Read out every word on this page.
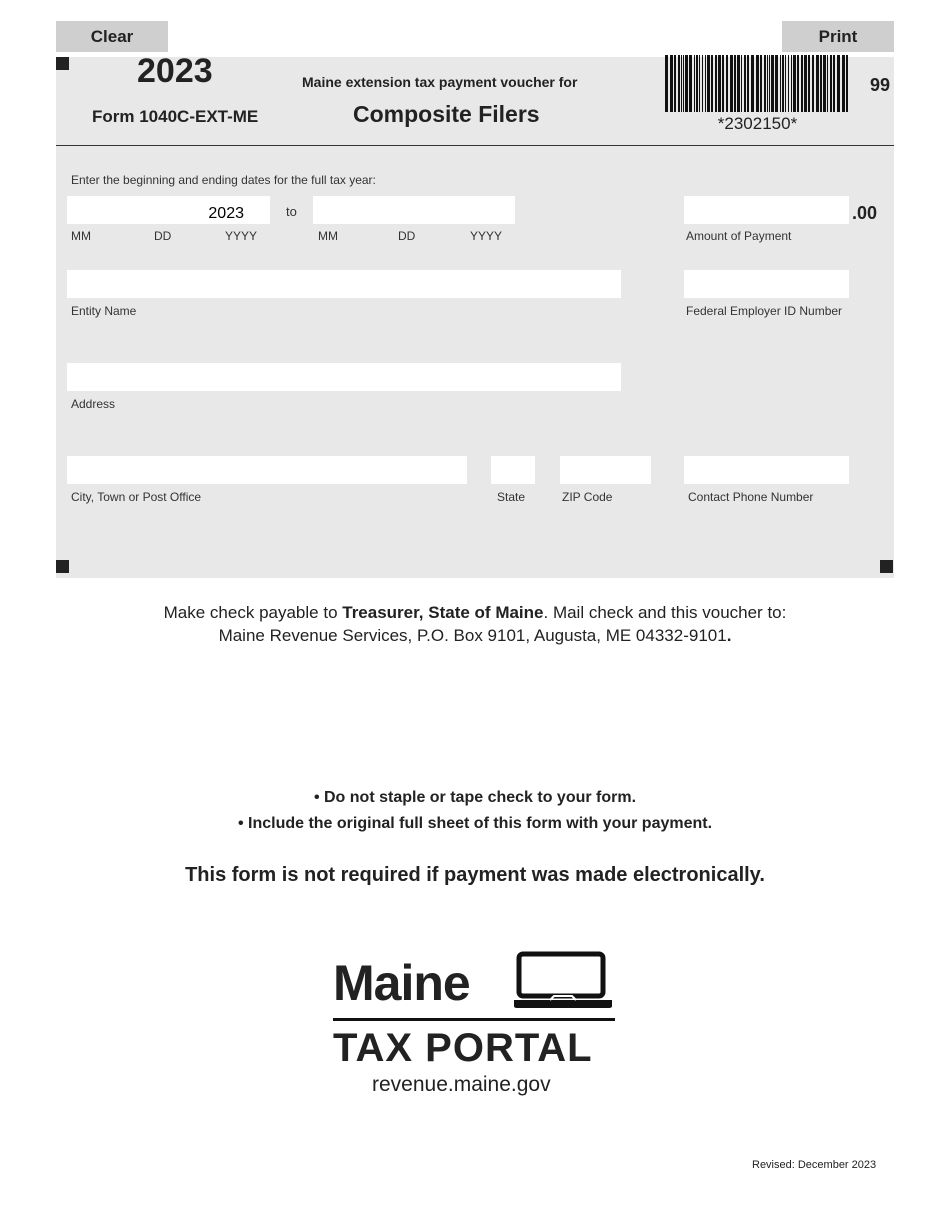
Clear	Print
2023
Form 1040C-EXT-ME
Maine extension tax payment voucher for
Composite Filers	*2302150*
99
Enter the beginning and ending dates for the full tax year:
2023
to
MM	DD	YYYY	MM	DD	YYYY
.00
Amount of Payment
Entity Name	Federal Employer ID Number
Address
City, Town or Post Office	State	ZIP Code	Contact Phone Number
Make check payable to Treasurer, State of Maine. Mail check and this voucher to:
Maine Revenue Services, P.O. Box 9101, Augusta, ME 04332-9101.
• Do not staple or tape check to your form.
• Include the original full sheet of this form with your payment.
This form is not required if payment was made electronically.
Maine
TAX PORTAL
revenue.maine.gov
Revised: December 2023
